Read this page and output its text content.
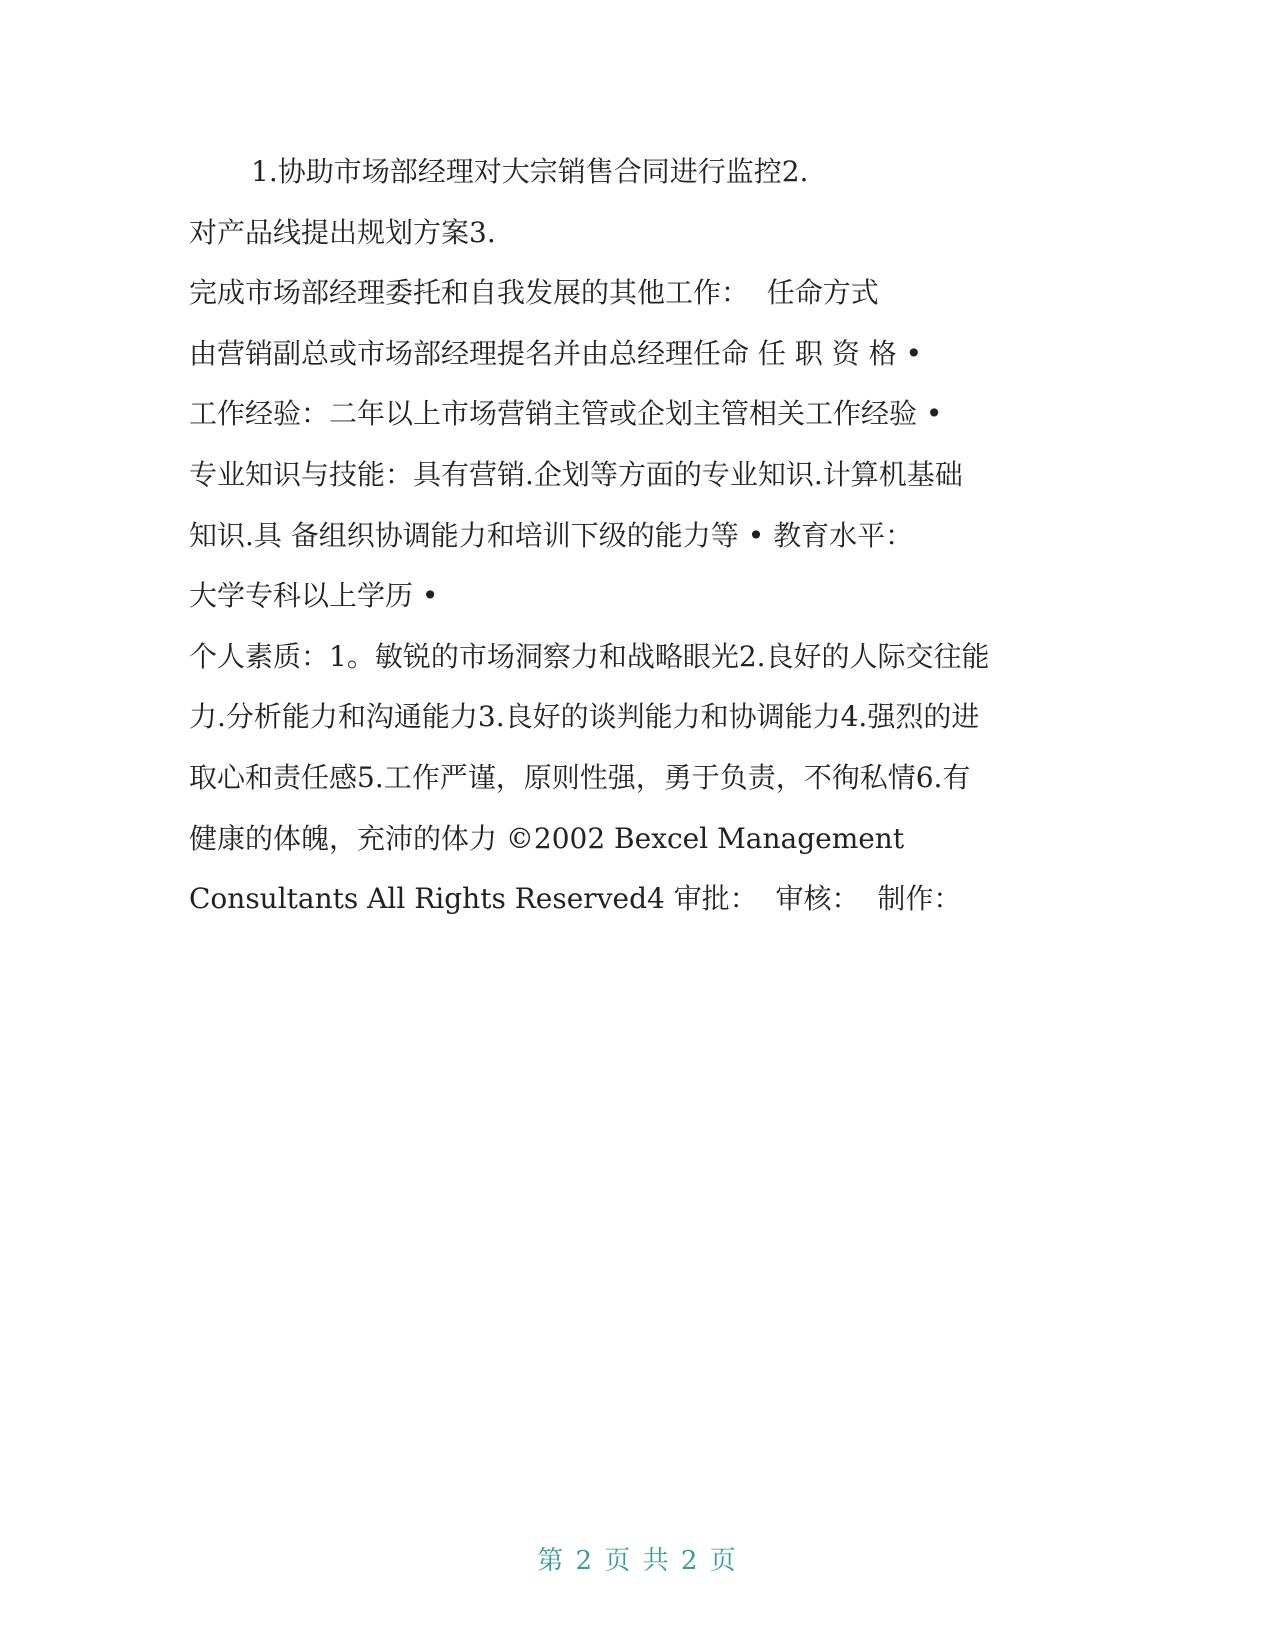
1.协助市场部经理对大宗销售合同进行监控2.
对产品线提出规划方案3.
完成市场部经理委托和自我发展的其他工作：  任命方式
由营销副总或市场部经理提名并由总经理任命 任 职 资 格 •
工作经验：二年以上市场营销主管或企划主管相关工作经验 •
专业知识与技能：具有营销.企划等方面的专业知识.计算机基础
知识.具 备组织协调能力和培训下级的能力等 • 教育水平：
大学专科以上学历 •
个人素质：1。敏锐的市场洞察力和战略眼光2.良好的人际交往能
力.分析能力和沟通能力3.良好的谈判能力和协调能力4.强烈的进
取心和责任感5.工作严谨，原则性强，勇于负责，不徇私情6.有
健康的体魄，充沛的体力 ©2002 Bexcel Management
Consultants All Rights Reserved4 审批：  审核：  制作：
第 2 页 共 2 页
